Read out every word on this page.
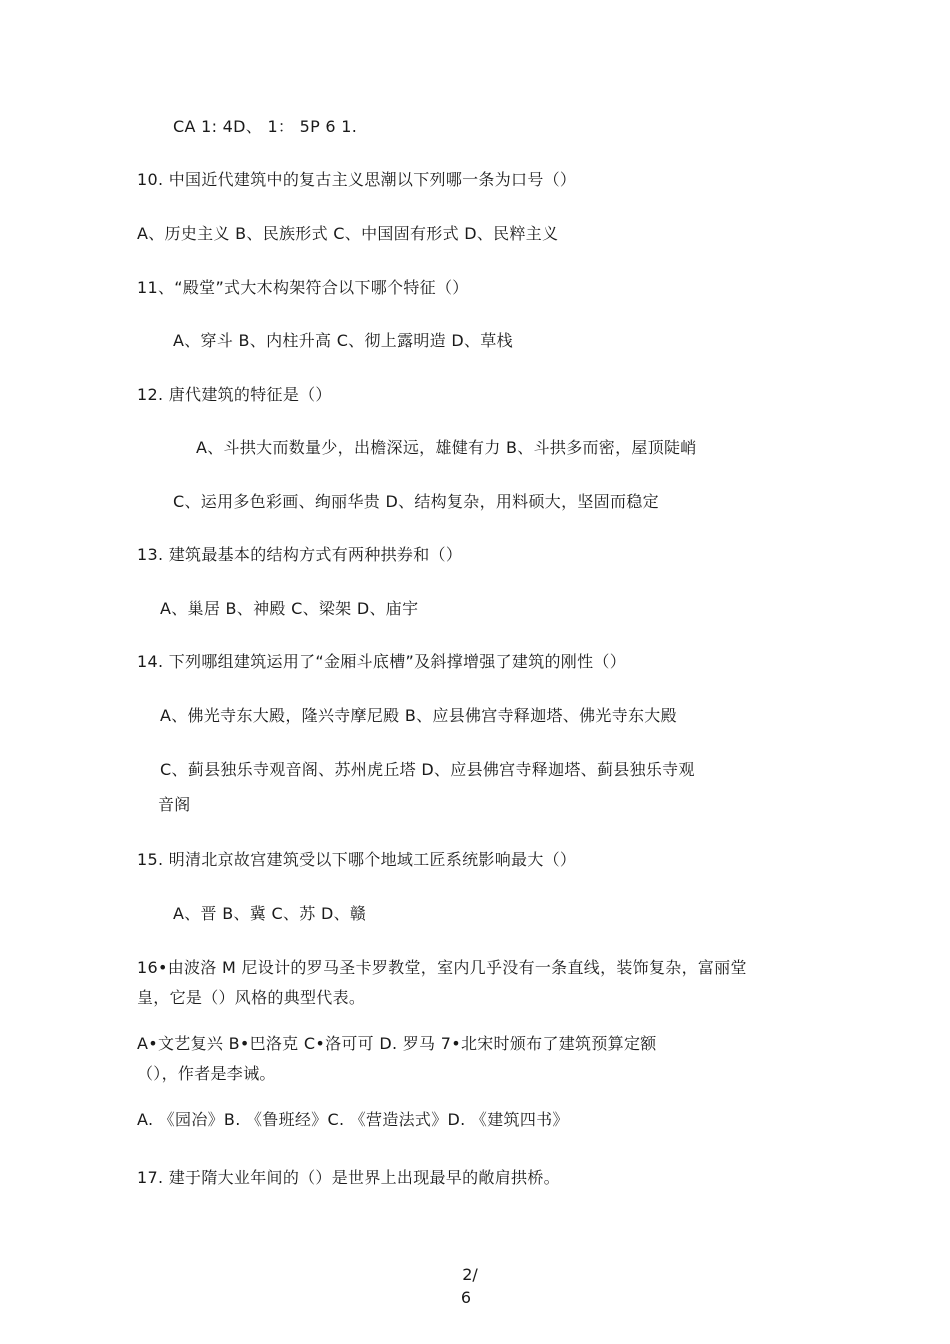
CA 1: 4D、 1： 5P 6 1.
10. 中国近代建筑中的复古主义思潮以下列哪一条为口号（）
A、历史主义 B、民族形式 C、中国固有形式 D、民粹主义
11、“殿堂”式大木构架符合以下哪个特征（）
A、穿斗 B、内柱升高 C、彻上露明造 D、草栈
12. 唐代建筑的特征是（）
A、斗拱大而数量少，出檐深远，雄健有力 B、斗拱多而密，屋顶陡峭
C、运用多色彩画、绚丽华贵 D、结构复杂，用料硕大，坚固而稳定
13. 建筑最基本的结构方式有两种拱券和（）
A、巢居 B、神殿 C、梁架 D、庙宇
14. 下列哪组建筑运用了“金厢斗底槽”及斜撑增强了建筑的刚性（）
A、佛光寺东大殿，隆兴寺摩尼殿 B、应县佛宫寺释迦塔、佛光寺东大殿
C、蓟县独乐寺观音阁、苏州虎丘塔 D、应县佛宫寺释迦塔、蓟县独乐寺观
音阁
15. 明清北京故宫建筑受以下哪个地域工匠系统影响最大（）
A、晋 B、冀 C、苏 D、赣
16•由波洛 M 尼设计的罗马圣卡罗教堂，室内几乎没有一条直线，装饰复杂，富丽堂
皇，它是（）风格的典型代表。
A•文艺复兴 B•巴洛克 C•洛可可 D. 罗马 7•北宋时颁布了建筑预算定额
（），作者是李诫。
A. 《园冶》B. 《鲁班经》C. 《营造法式》D. 《建筑四书》
17. 建于隋大业年间的（）是世界上出现最早的敞肩拱桥。
2/
6
